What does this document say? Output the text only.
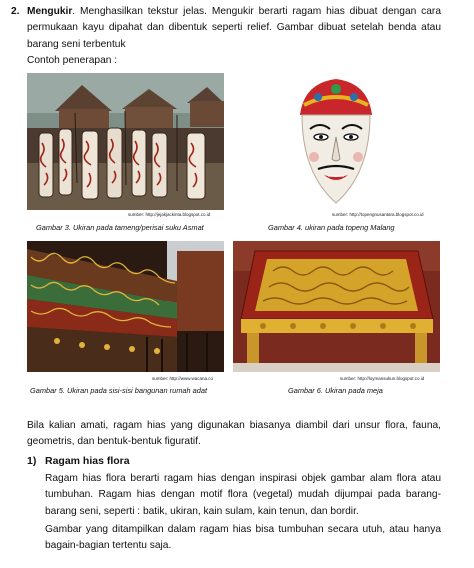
2. Mengukir. Menghasilkan tekstur jelas. Mengukir berarti ragam hias dibuat dengan cara permukaan kayu dipahat dan dibentuk seperti relief. Gambar dibuat setelah benda atau barang seni terbentuk
Contoh penerapan :
sumber: http://jejakjackinta.blogspot.co.id
Gambar 3. Ukiran pada tameng/perisai suku Asmat
sumber: http://topengnusantara.blogspot.co.id
Gambar 4. ukiran pada topeng Malang
sumber: http://www.wacana.co
Gambar 5. Ukiran pada sisi-sisi bangunan rumah adat
sumber: http://loymansukun.blogspot.co.id
Gambar 6. Ukiran pada meja
Bila kalian amati, ragam hias yang digunakan biasanya diambil dari unsur flora, fauna, geometris, dan bentuk-bentuk figuratif.
1) Ragam hias flora
Ragam hias flora berarti ragam hias dengan inspirasi objek gambar alam flora atau tumbuhan. Ragam hias dengan motif flora (vegetal) mudah dijumpai pada barang-barang seni, seperti : batik, ukiran, kain sulam, kain tenun, dan bordir.
Gambar yang ditampilkan dalam ragam hias bisa tumbuhan secara utuh, atau hanya bagain-bagian tertentu saja.
